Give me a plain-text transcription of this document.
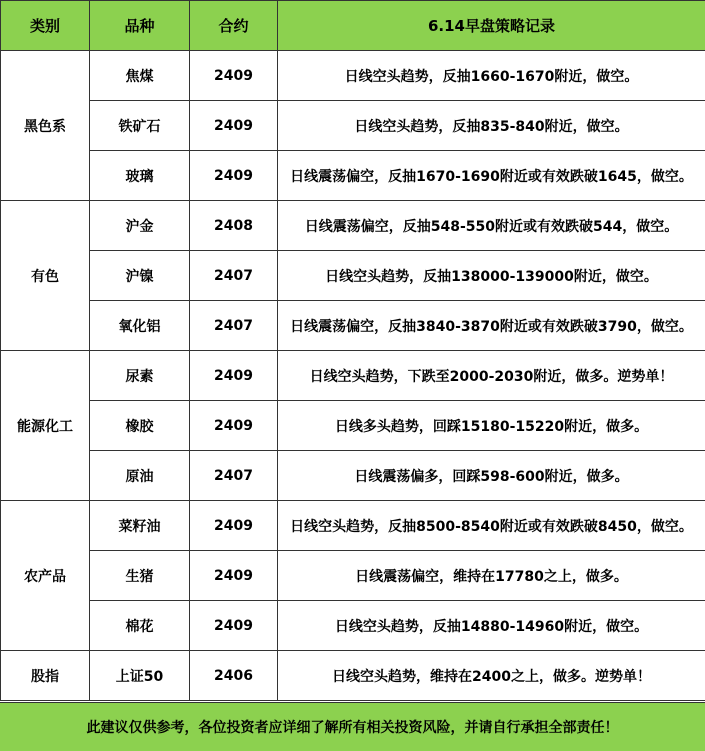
类别	品种	合约	6.14早盘策略记录
黑色系	焦煤	2409	日线空头趋势，反抽1660-1670附近，做空。
	铁矿石	2409	日线空头趋势，反抽835-840附近，做空。
	玻璃	2409	日线震荡偏空，反抽1670-1690附近或有效跌破1645，做空。
有色	沪金	2408	日线震荡偏空，反抽548-550附近或有效跌破544，做空。
	沪镍	2407	日线空头趋势，反抽138000-139000附近，做空。
	氧化铝	2407	日线震荡偏空，反抽3840-3870附近或有效跌破3790，做空。
能源化工	尿素	2409	日线空头趋势，下跌至2000-2030附近，做多。逆势单！
	橡胶	2409	日线多头趋势，回踩15180-15220附近，做多。
	原油	2407	日线震荡偏多，回踩598-600附近，做多。
农产品	菜籽油	2409	日线空头趋势，反抽8500-8540附近或有效跌破8450，做空。
	生猪	2409	日线震荡偏空，维持在17780之上，做多。
	棉花	2409	日线空头趋势，反抽14880-14960附近，做空。
股指	上证50	2406	日线空头趋势，维持在2400之上，做多。逆势单！
此建议仅供参考，各位投资者应详细了解所有相关投资风险，并请自行承担全部责任！
